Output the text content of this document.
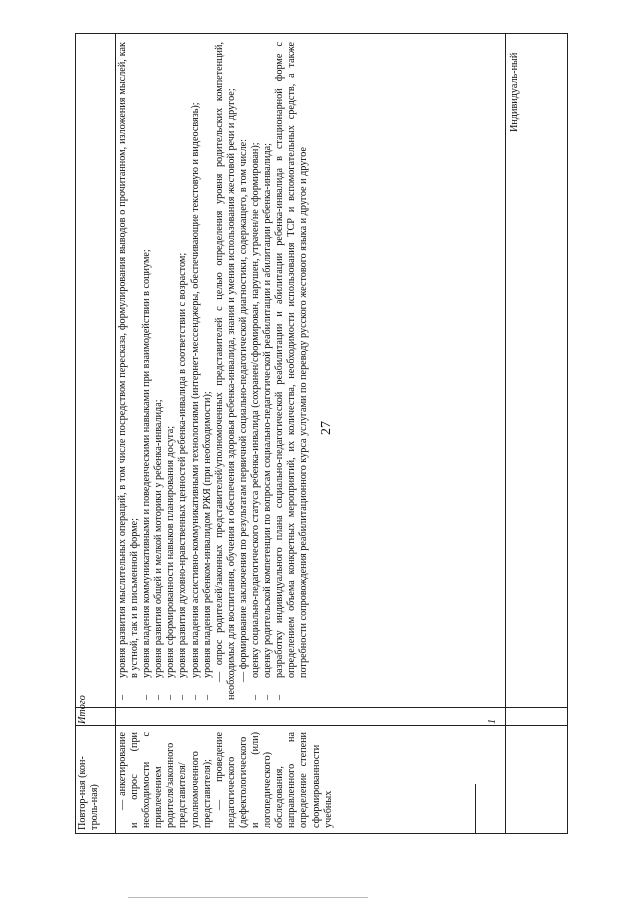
27
–
уровня развития мыслительных операций, в том числе посредством пересказа, формулирования выводов о прочитанном, изложения мыслей, как в устной, так и в письменной форме;
–
уровня владения коммуникативными и поведенческими навыками при взаимодействии в социуме;
–
уровня развития общей и мелкой моторики у ребенка-инвалида;
–
уровня сформированности навыков планирования досуга;
–
уровня развития духовно-нравственных ценностей ребенка-инвалида в соответствии с возрастом;
–
уровня владения ассистивно-коммуникативными технологиями (интернет-мессенджеры, обеспечивающие текстовую и видеосвязь);
–
уровня владения ребенком-инвалидом РЖЯ (при необходимости); — опрос родителей/законных представителей/уполномоченных представителей с целью определения уровня родительских компетенций, необходимых для воспитания, обучения и обеспечения здоровья ребенка-инвалида, знания и умения использования жестовой речи и другое; — формирование заключения по результатам первичной социально-педагогической диагностики, содержащего, в том числе:
–
оценку социально-педагогического статуса ребенка-инвалида (сохранен/сформирован, нарушен, утрачен/не сформирован);
–
оценку родительской компетенции по вопросам социально-педагогической реабилитации и абилитации ребенка-инвалида;
–
разработку индивидуального плана социально-педагогической реабилитации и абилитации ребенка-инвалида в стационарной форме с определением объема конкретных мероприятий, их количества, необходимости использования ТСР и вспомогательных средств, а также потребности сопровождения реабилитационного курса услугами по переводу русского жестового языка и другое и другое
Итого	1
Повтор-ная (кон-троль-ная)	— анкетирование и опрос (при необходимости с привлечением родителя/законного представителя/уполномоченного представителя); — проведение педагогического (дефектологического и (или) логопедического) обследования, направленного на определение степени сформированности учебных
Индивидуаль-ный
